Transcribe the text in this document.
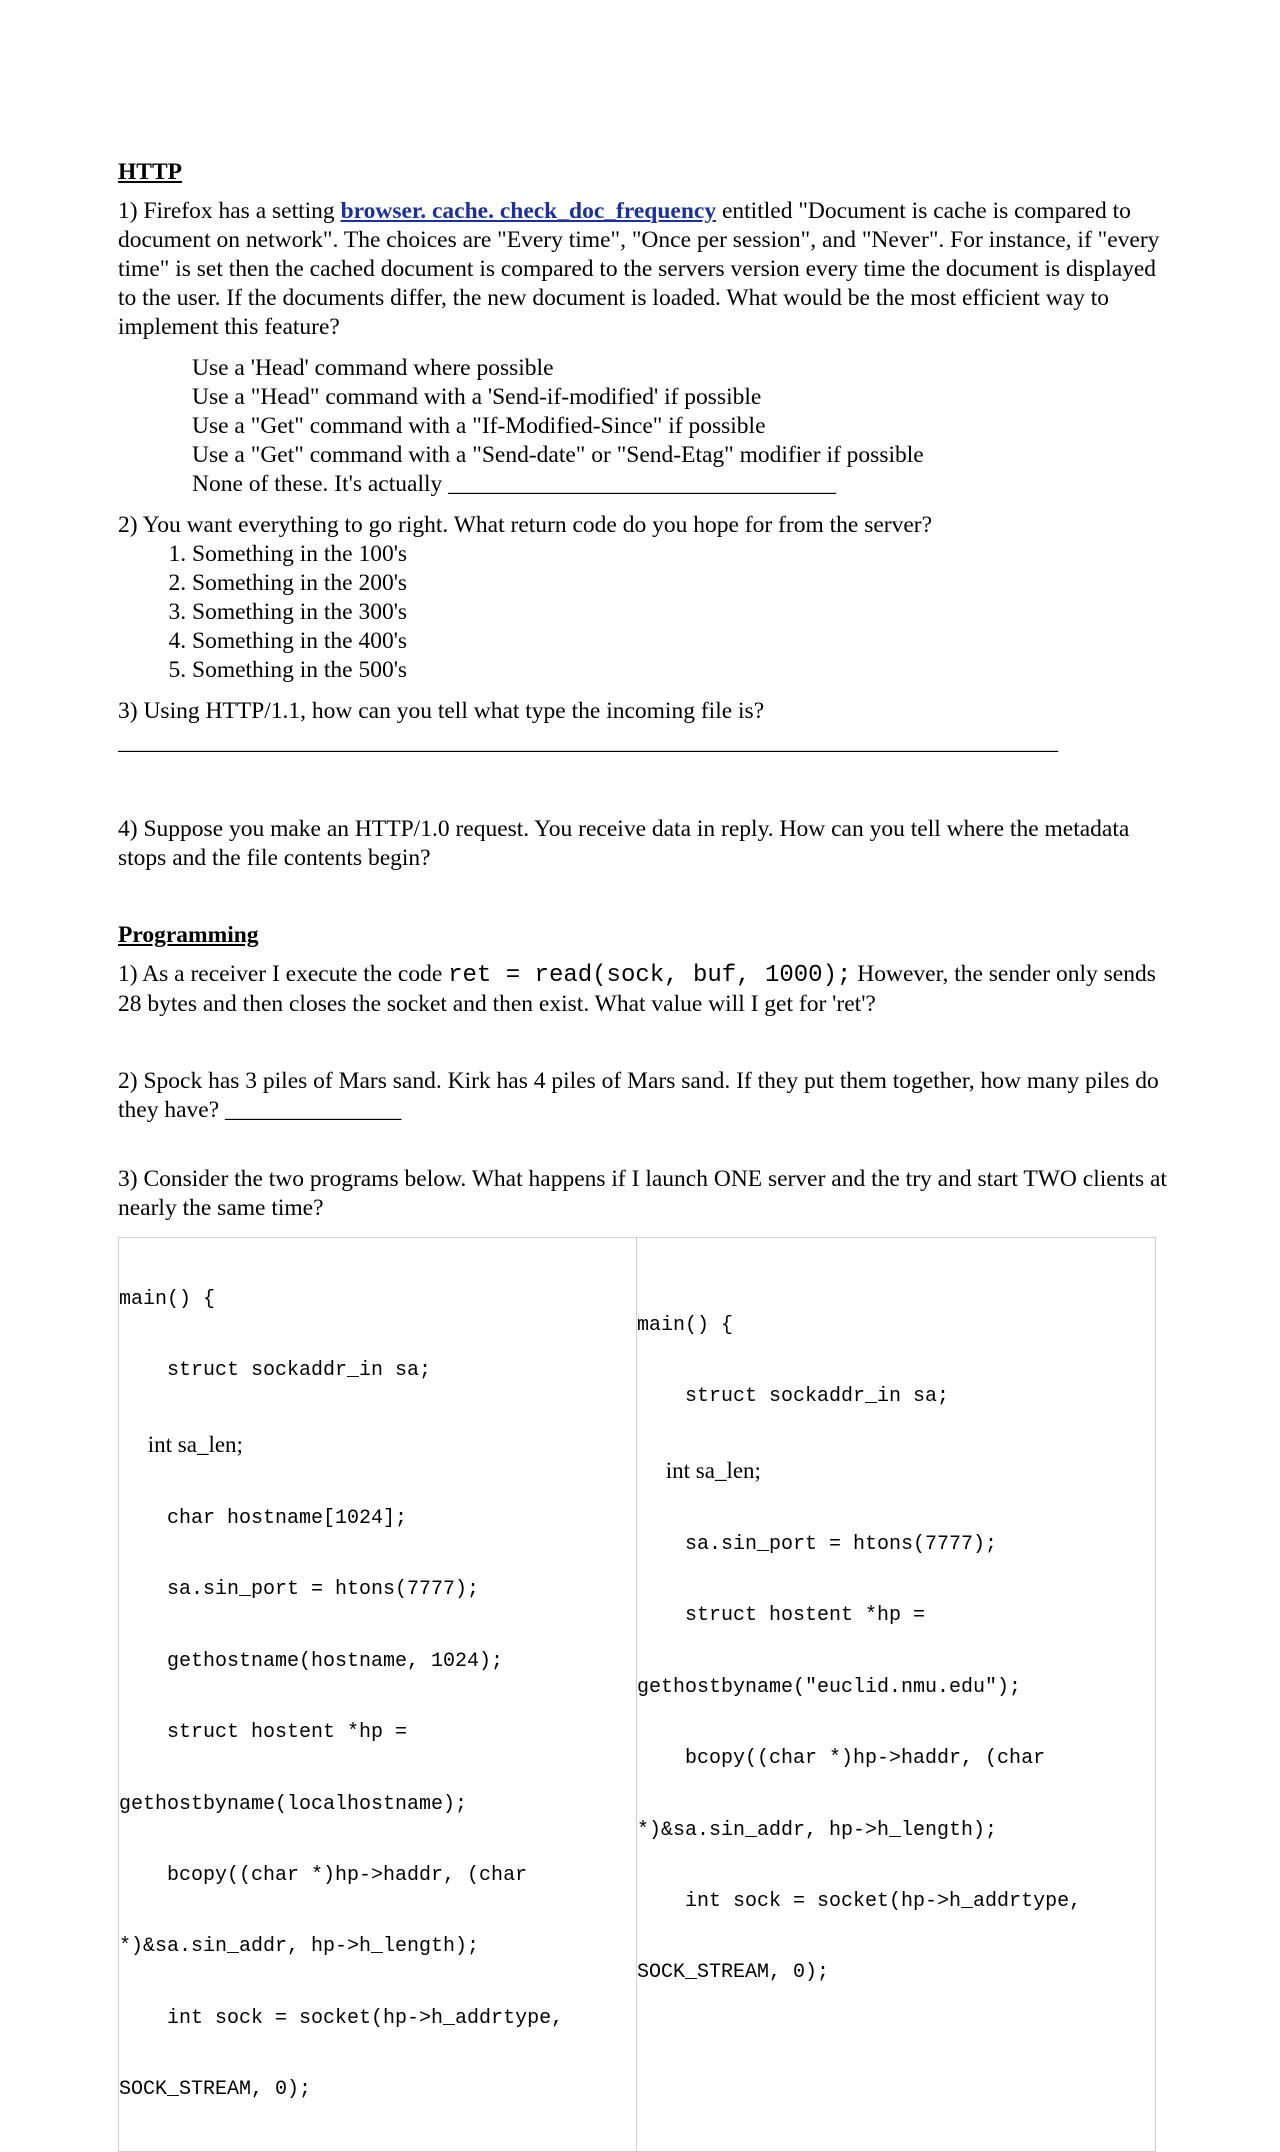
HTTP

1) Firefox has a setting browser. cache. check_doc_frequency entitled "Document is cache is compared to document on network". The choices are "Every time", "Once per session", and "Never". For instance, if "every time" is set then the cached document is compared to the servers version every time the document is displayed to the user. If the documents differ, the new document is loaded. What would be the most efficient way to implement this feature?

Use a 'Head' command where possible
Use a "Head" command with a 'Send-if-modified' if possible
Use a "Get" command with a "If-Modified-Since" if possible
Use a "Get" command with a "Send-date" or "Send-Etag" modifier if possible
None of these. It's actually _________________________________

2) You want everything to go right. What return code do you hope for from the server?

1. Something in the 100's
2. Something in the 200's
3. Something in the 300's
4. Something in the 400's
5. Something in the 500's

3) Using HTTP/1.1, how can you tell what type the incoming file is?

________________________________________________________________________________

4) Suppose you make an HTTP/1.0 request. You receive data in reply. How can you tell where the metadata stops and the file contents begin?

Programming

1) As a receiver I execute the code ret = read(sock, buf, 1000); However, the sender only sends 28 bytes and then closes the socket and then exist. What value will I get for 'ret'?

2) Spock has 3 piles of Mars sand. Kirk has 4 piles of Mars sand. If they put them together, how many piles do they have? _______________

3) Consider the two programs below. What happens if I launch ONE server and the try and start TWO clients at nearly the same time?

main() {

struct sockaddr_in sa;

int sa_len;

char hostname[1024];

sa.sin_port = htons(7777);

gethostname(hostname, 1024);

struct hostent *hp =

gethostbyname(localhostname);

bcopy((char *)hp->haddr, (char

*)&sa.sin_addr, hp->h_length);

int sock = socket(hp->h_addrtype,

SOCK_STREAM, 0);

main() {

struct sockaddr_in sa;

int sa_len;

sa.sin_port = htons(7777);

struct hostent *hp =

gethostbyname("euclid.nmu.edu");

bcopy((char *)hp->haddr, (char

*)&sa.sin_addr, hp->h_length);

int sock = socket(hp->h_addrtype,

SOCK_STREAM, 0);
